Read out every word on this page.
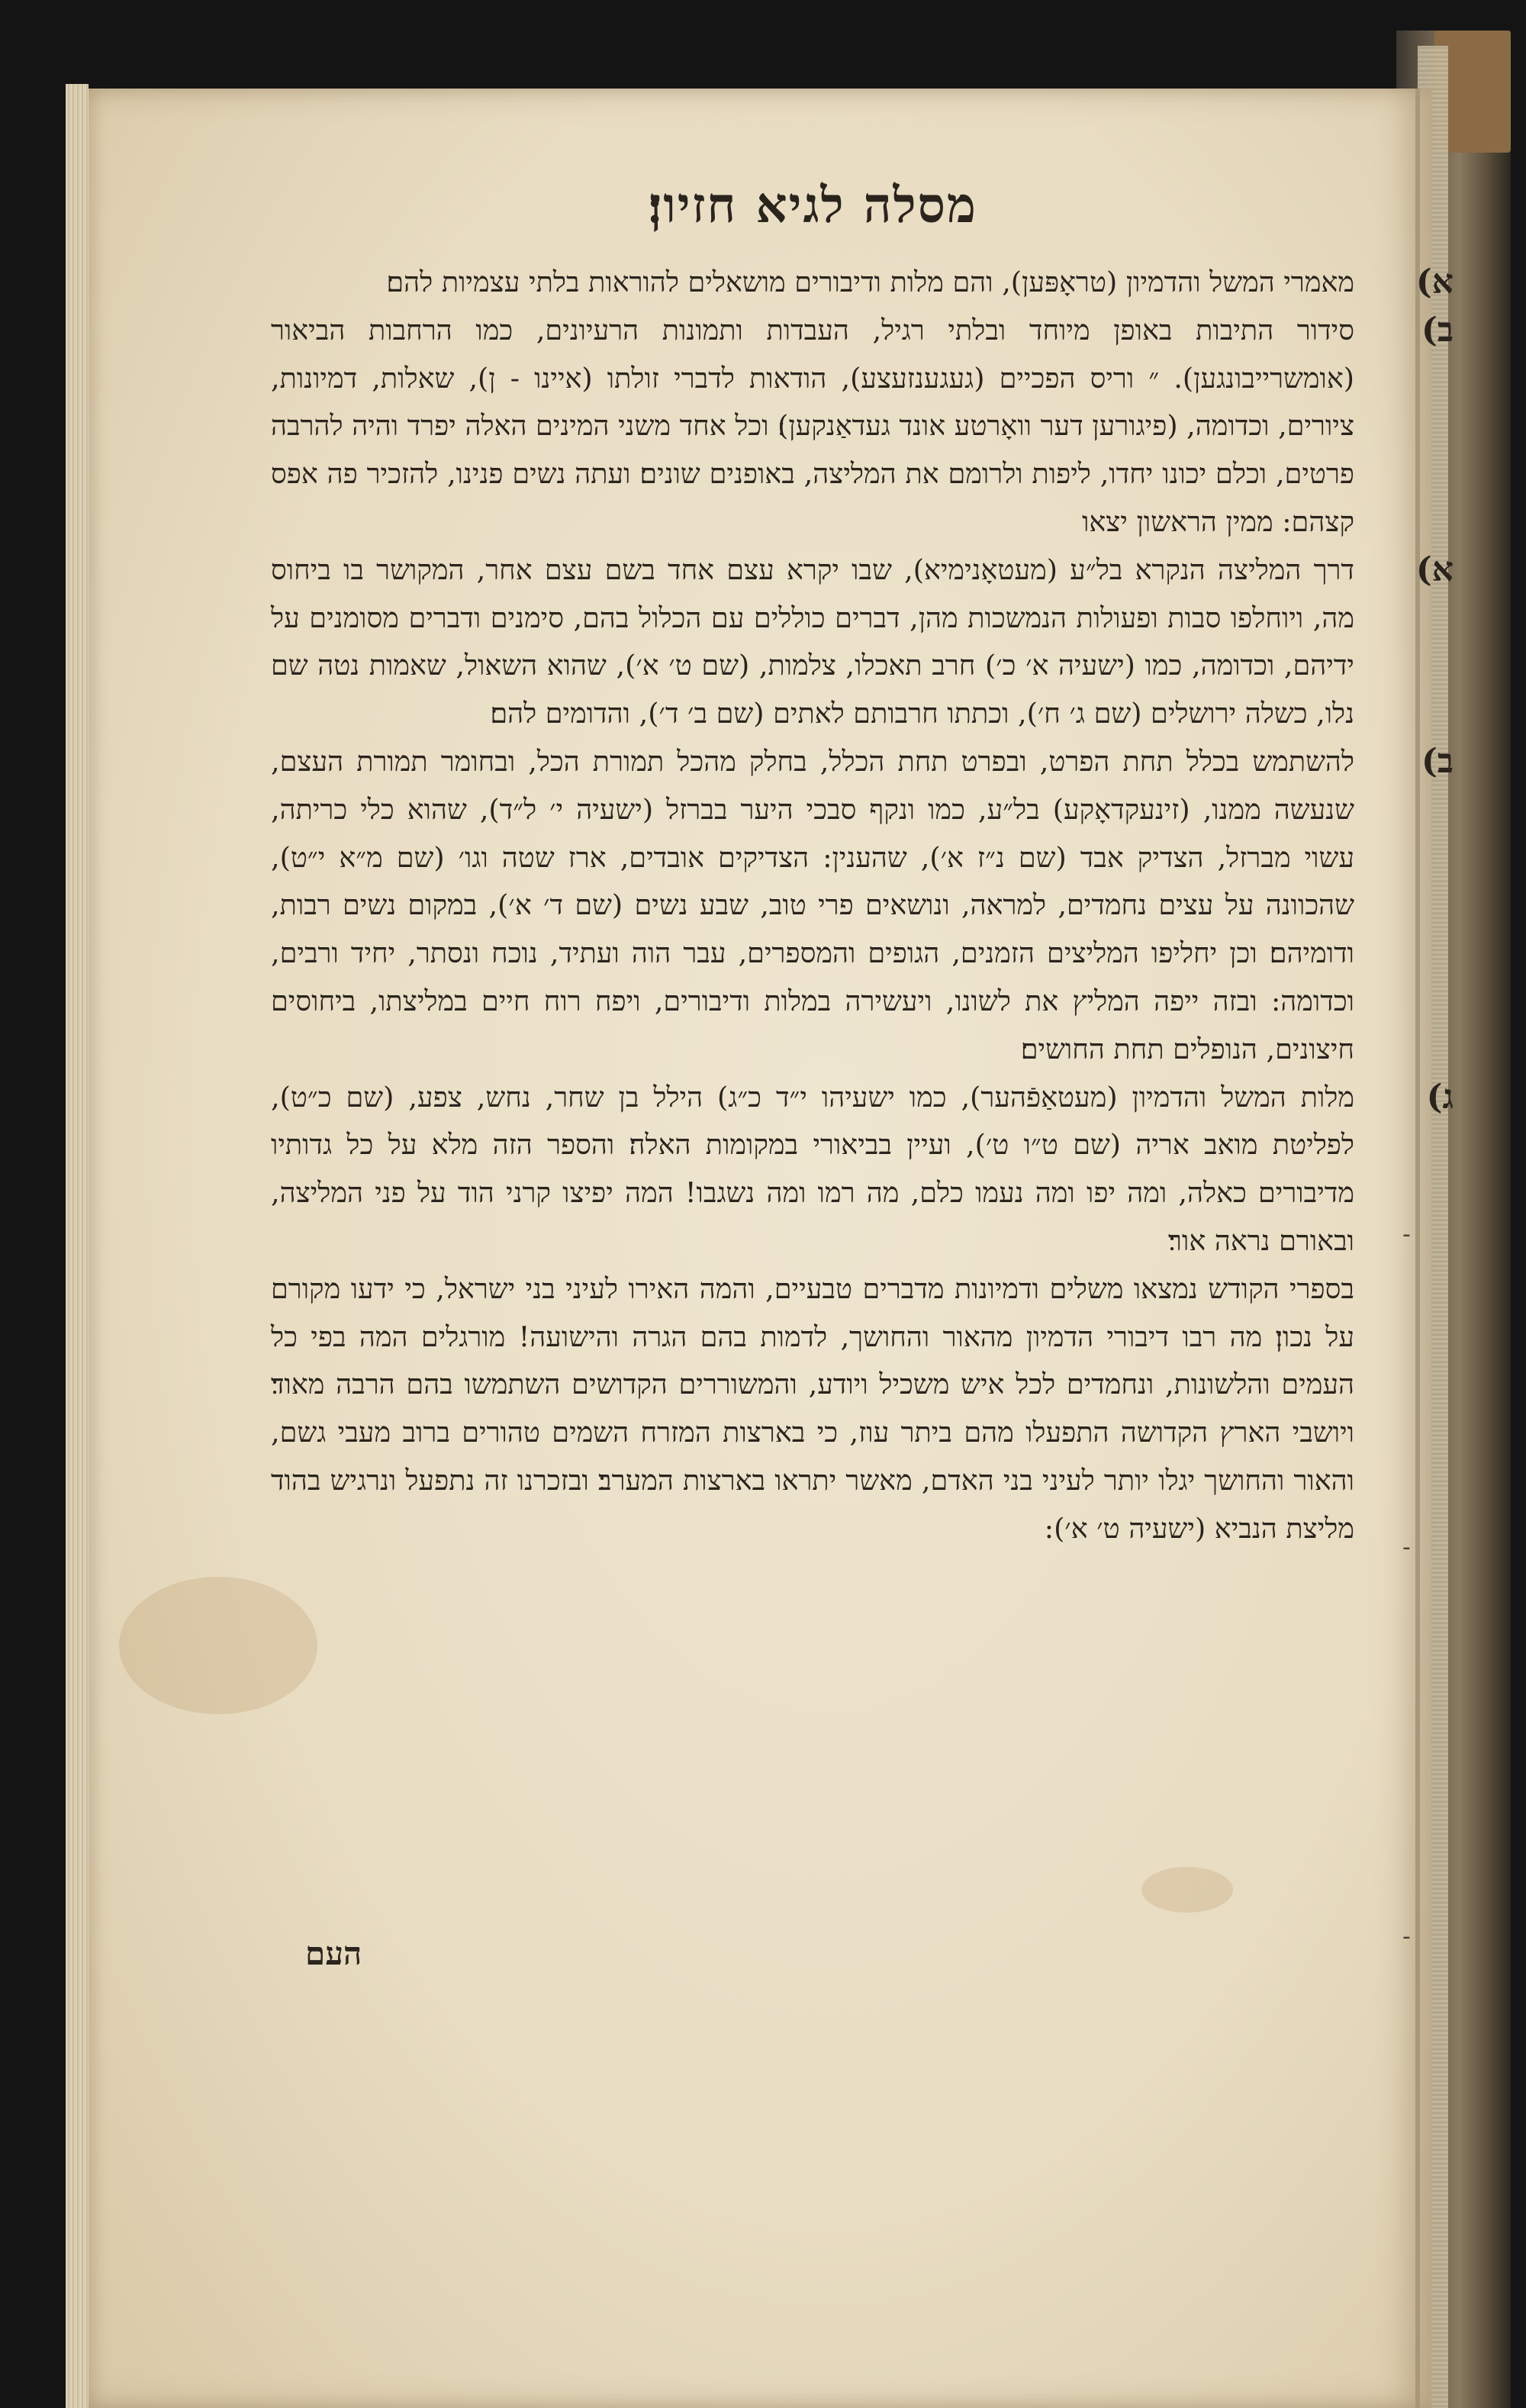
מסלה לגיא חזיון׃
א)
מאמרי המשל והדמיון (טראָפּען), והם מלות ודיבורים מושאלים להוראות בלתי עצמיות להם׃
ב)
סידור התיבות באופן מיוחד ובלתי רגיל, העבדות ותמונות הרעיונים, כמו הרחבות הביאור (אומשרייבונגען). ״ וריס הפכיים (געגענזעצע), הודאות לדברי זולתו (איינו - ן), שאלות, דמיונות, ציורים, וכדומה, (פיגורען דער וואָרטע אונד געדאַנקען)׃ וכל אחד משני המינים האלה יפרד והיה להרבה פרטים, וכלם יכונו יחדו, ליפות ולרומם את המליצה, באופנים שונים׃ ועתה נשים פנינו, להזכיר פה אפס קצהם: ממין הראשון יצאו
א)
דרך המליצה הנקרא בל״ע (מעטאָנימיא), שבו יקרא עצם אחד בשם עצם אחר, המקושר בו ביחוס מה, ויוחלפו סבות ופעולות הנמשכות מהן, דברים כוללים עם הכלול בהם, סימנים ודברים מסומנים על ידיהם, וכדומה, כמו (ישעיה א׳ כ׳) חרב תאכלו, צלמות, (שם ט׳ א׳), שהוא השאול, שאמות נטה שם נלו, כשלה ירושלים (שם ג׳ ח׳), וכתתו חרבותם לאתים (שם ב׳ ד׳), והדומים להם׃
ב)
להשתמש בכלל תחת הפרט, ובפרט תחת הכלל, בחלק מהכל תמורת הכל, ובחומר תמורת העצם, שנעשה ממנו, (זינעקדאָקע) בל״ע, כמו ונקף סבכי היער בברזל (ישעיה י׳ ל״ד), שהוא כלי כריתה, עשוי מברזל, הצדיק אבד (שם נ״ז א׳), שהענין: הצדיקים אובדים, ארז שטה וגו׳ (שם מ״א י״ט), שהכוונה על עצים נחמדים, למראה, ונושאים פרי טוב, שבע נשים (שם ד׳ א׳), במקום נשים רבות, ודומיהם׃ וכן יחליפו המליצים הזמנים, הגופים והמספרים, עבר הוה ועתיד, נוכח ונסתר, יחיד ורבים, וכדומה: ובזה ייפה המליץ את לשונו, ויעשירה במלות ודיבורים, ויפח רוח חיים במליצתו, ביחוסים חיצונים, הנופלים תחת החושים׃
ג)
מלות המשל והדמיון (מעטאַפֿהער), כמו ישעיהו י״ד כ״ג) הילל בן שחר, נחש, צפע, (שם כ״ט), לפליטת מואב אריה (שם ט״ו ט׳), ועיין בביאורי במקומות האלה׃ והספר הזה מלא על כל גדותיו מדיבורים כאלה, ומה יפו ומה נעמו כלם, מה רמו ומה נשגבו! המה יפיצו קרני הוד על פני המליצה, ובאורם נראה אור׃
בספרי הקודש נמצאו משלים ודמיונות מדברים טבעיים, והמה האירו לעיני בני ישראל, כי ידעו מקורם על נכון׃ מה רבו דיבורי הדמיון מהאור והחושך, לדמות בהם הגרה והישועה! מורגלים המה בפי כל העמים והלשונות, ונחמדים לכל איש משכיל ויודע, והמשוררים הקדושים השתמשו בהם הרבה מאוד׃ ויושבי הארץ הקדושה התפעלו מהם ביתר עוז, כי בארצות המזרח השמים טהורים ברוב מעבי גשם, והאור והחושך יגלו יותר לעיני בני האדם, מאשר יתראו בארצות המערב׃ ובזכרנו זה נתפעל ונרגיש בהוד מליצת הנביא (ישעיה ט׳ א׳):
העם
-
-
-
